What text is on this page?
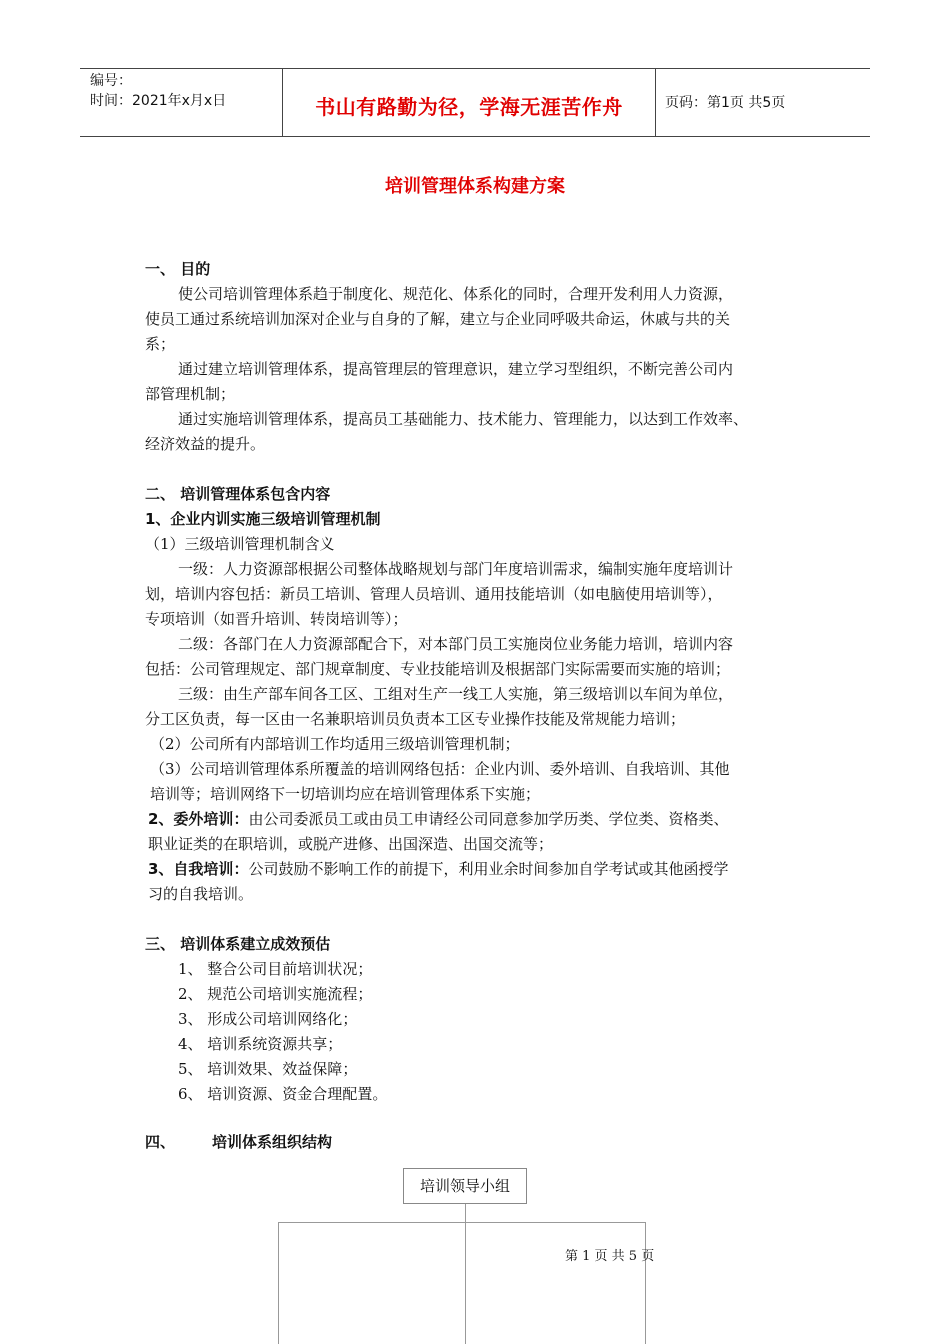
编号：
时间：2021年x月x日	书山有路勤为径，学海无涯苦作舟	页码：第1页 共5页
培训管理体系构建方案
一、 目的
使公司培训管理体系趋于制度化、规范化、体系化的同时，合理开发利用人力资源，
使员工通过系统培训加深对企业与自身的了解，建立与企业同呼吸共命运，休戚与共的关
系；
通过建立培训管理体系，提高管理层的管理意识，建立学习型组织，不断完善公司内
部管理机制；
通过实施培训管理体系，提高员工基础能力、技术能力、管理能力，以达到工作效率、
经济效益的提升。
二、 培训管理体系包含内容
1、企业内训实施三级培训管理机制
（1）三级培训管理机制含义
一级：人力资源部根据公司整体战略规划与部门年度培训需求，编制实施年度培训计
划，培训内容包括：新员工培训、管理人员培训、通用技能培训（如电脑使用培训等），
专项培训（如晋升培训、转岗培训等）；
二级：各部门在人力资源部配合下，对本部门员工实施岗位业务能力培训，培训内容
包括：公司管理规定、部门规章制度、专业技能培训及根据部门实际需要而实施的培训；
三级：由生产部车间各工区、工组对生产一线工人实施，第三级培训以车间为单位，
分工区负责，每一区由一名兼职培训员负责本工区专业操作技能及常规能力培训；
（2）公司所有内部培训工作均适用三级培训管理机制；
（3）公司培训管理体系所覆盖的培训网络包括：企业内训、委外培训、自我培训、其他
培训等；培训网络下一切培训均应在培训管理体系下实施；
2、委外培训：由公司委派员工或由员工申请经公司同意参加学历类、学位类、资格类、
职业证类的在职培训，或脱产进修、出国深造、出国交流等；
3、自我培训：公司鼓励不影响工作的前提下，利用业余时间参加自学考试或其他函授学
习的自我培训。
三、 培训体系建立成效预估
1、 整合公司目前培训状况；
2、 规范公司培训实施流程；
3、 形成公司培训网络化；
4、 培训系统资源共享；
5、 培训效果、效益保障；
6、 培训资源、资金合理配置。
四、 培训体系组织结构
培训领导小组
第 1 页 共 5 页
